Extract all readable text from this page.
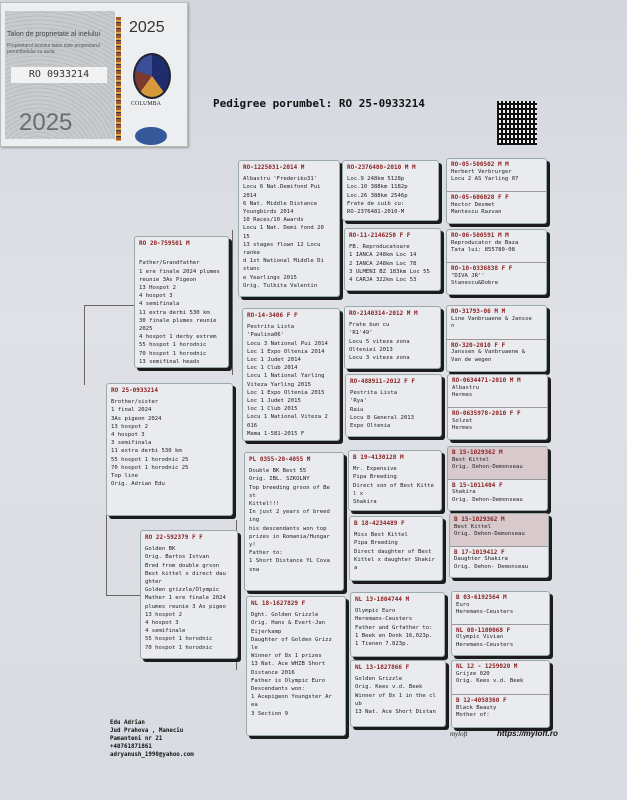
Talon de proprietate al inelului
Proprietarul acestui talon este proprietarul porumbelului cu seria
RO 0933214
2025
2025
COLUMBA	Pedigree porumbel: RO 25-0933214
RO 25-0933214
Brother/sister
1 final 2024
3As pigeon 2024
13 hospot 2
4 hospot 3
3 semifinala
11 extra derbi 530 km
55 hospot 1 horodnic 25
70 hospot 1 horodnic 25
Top line
Orig. Adrian Edu
RO 20-759501 M

Father/Grandfather
1 ere finale 2024 plumes
reunie 3As Pigeon
13 Hospot 2
4 hospot 3
4 semifinala
11 extra derbi 530 km
30 finale plumes reunie
2025
4 hospot 1 derby extrem
55 hospot 1 horodnic
70 hospot 1 horodnic
13 semifinal heads
RO 22-592379 F F
Golden BK
Orig. Bartos Istvan
Bred from double grson
Best kittel x direct dau
ghter
Golden grizzle/Olympic
Mather 1 ere finale 2024
plumes reunie 3 As pigeo
13 hospot 2
4 hospot 3
4 semifinale
55 hospot 1 horodnic
70 hospot 1 horodnic
RO-1225031-2014 M
Albastru 'Frederiko31'
Locu 6 Nat.Demifond Pui
2014
6 Nat. Middle Distance
Youngbirds 2014
10 Races/10 Awards
Locu 1 Nat. Demi fond 20
15
13 stages flown 12 Locu
ranke
d 1st National Middle Di
stanc
e Yearlings 2015
Orig. Tulbita Valentin
RO-14-3406 F F
Pestrita Lista
'Paulina06'
Locu 3 National Pui 2014
Loc 1 Expo Oltenia 2014
Loc 1 Judet 2014
Loc 1 Club 2014
Locu 1 National Yarling
Viteza Yarling 2015
Loc 1 Expo Oltenia 2015
Loc 1 Judet 2015
loc 1 Club 2015
Locu 1 National Viteza 2
016
Mama 1-581-2015 F
PL 0355-20-4055 M
Double BK Best 55
Orig. IBL. SZKOLNY
Top breeding grson of Be
st
Kittel!!!
In just 2 years of breed
ing
his descendants won top
prizes in Romania/Hungar
y!
Father to:
1 Short Distance YL Cova
sna
NL 18-1627829 F
Dght. Golden Grizzle
Orig. Hans & Evert-Jan
Eijerkamp
Daughter of Golden Grizz
le
Winner of 8x 1 prizes
13 Nat. Ace WHZB Short
Distance 2016
Father is Olympic Euro
Descendants won:
1 Acepigeon Youngster Ar
ea
3 Section 9
RO-2376480-2010 M M
Loc.9 248km 5128p
Loc.10 388km 1182p
Loc.26 388km 2546p
Frate de cuib cu:
RO-2376481-2010-M
RO-11-2146250 F F
FB. Reproducatoare
1 IANCA 248km Loc 14
2 IANCA 248km Loc 78
3 ULMENI BZ 183km Loc 55
4 CARJA 322km Loc 53
RO-2140314-2012 M M
Frate bun cu
'R1'49'
Locu 5 viteza zona
Olteniei 2013
Locu 3 viteza zona
RO-488911-2012 F F
Pestrita Lista
'Rya'
Raiu
Locu 8 General 2013
Expo Oltenia
B 19-4130128 M
Mr. Expensive
Pipa Breeding
Direct son of Best Kitte
l x
Shakira
B 18-4234489 F
Miss Best Kittel
Pipa Breeding
Direct daughter of Best
Kittel x daughter Shakir
a
NL 13-1804744 M
Olympic Euro
Heremans-Ceusters
Father and Grfather to:
1 Beek en Donk 16,023p.
1 Tienen 7.823p.
NL 13-1827866 F
Golden Grizzle
Orig. Kees v.d. Beek
Winner of 8x 1 in the cl
ub
13 Nat. Ace Short Distan
RO-05-500502 M M
Herbert Verbrurger
Locu 2 AS Yarling 07
RO-05-606028 F F
Hector Desmet
Mantescu Razvan
RO-06-500591 M M
Reproducator de Baza
Tata lui: 855780-08
RO-10-0336838 F F
"DIVA JR''
Stanescu&Dobre
RO-31793-06 M M
Line Vanbruaene & Jansse
n
RO-320-2010 F F
Janssen & Vanbruaene &
Van de wegen
RO-0634471-2010 M M
Albastru
Hermes
RO-0635978-2010 F F
Solzat
Hermes
B 15-1029362 M
Best Kittel
Orig. Dehon-Demonseau
B 15-1011404 F
Shakira
Orig. Dehon-Demonseau
B 15-1029362 M
Best Kittel
Orig. Dehon-Demonseau
B 17-1019412 F
Daughter Shakira
Orig. Dehon- Demonseau
B 03-6192564 M
Euro
Heremans-Ceusters
NL 08-1100068 F
Olympic Vivian
Heremans-Ceusters
NL 12 - 1259020 M
Grijze 020
Orig. Kees v.d. Beek
B 12-4058360 F
Black Beauty
Mother of:
Edu Adrian
Jud Prahova , Maneciu
Pamanteni nr 21
+40761871861
adryanush_1990@yahoo.com
myloft	https://myloft.ro
